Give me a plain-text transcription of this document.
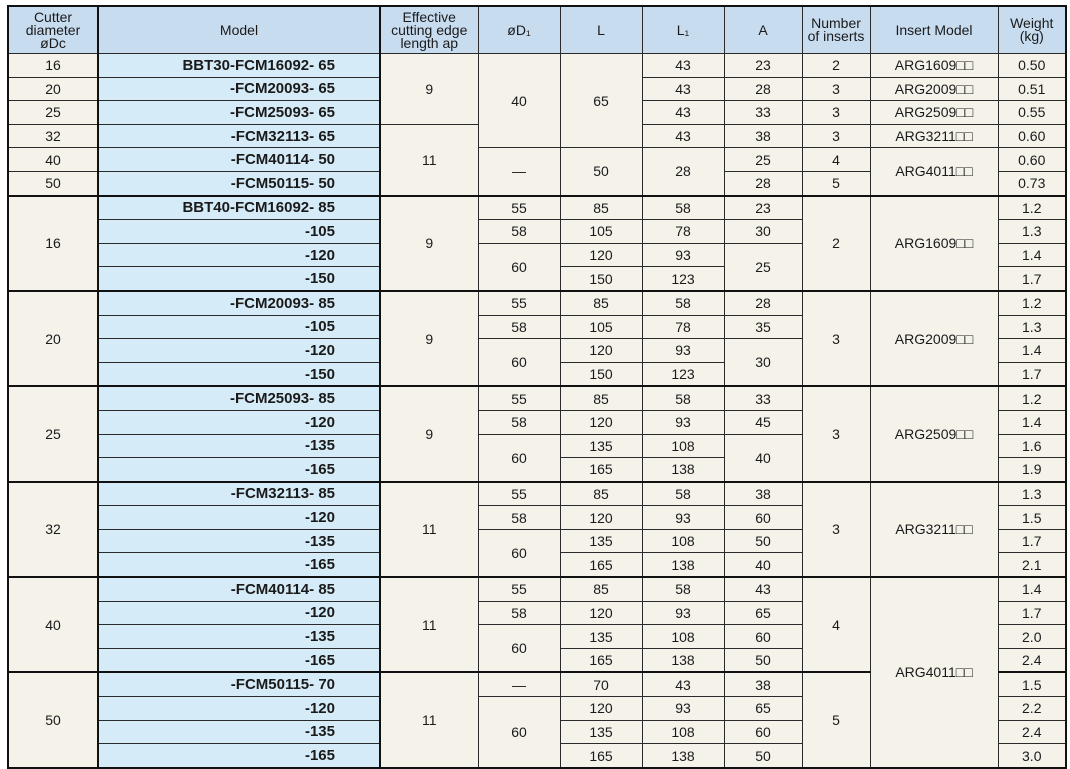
Cutter diameter øDc	Model	Effective cutting edge length ap	øD₁	L	L₁	A	Number of inserts	Insert Model	Weight (kg)
16	BBT30-FCM16092- 65	9	40	65	43	23	2	ARG1609□□	0.50
20	-FCM20093- 65				43	28	3	ARG2009□□	0.51
25	-FCM25093- 65				43	33	3	ARG2509□□	0.55
32	-FCM32113- 65	11			43	38	3	ARG3211□□	0.60
40	-FCM40114- 50		—	50	28	25	4	ARG4011□□	0.60
50	-FCM50115- 50					28	5		0.73
16	BBT40-FCM16092- 85	9	55	85	58	23	2	ARG1609□□	1.2
	-105		58	105	78	30			1.3
	-120		60	120	93	25			1.4
	-150			150	123				1.7
20	-FCM20093- 85	9	55	85	58	28	3	ARG2009□□	1.2
	-105		58	105	78	35			1.3
	-120		60	120	93	30			1.4
	-150			150	123				1.7
25	-FCM25093- 85	9	55	85	58	33	3	ARG2509□□	1.2
	-120		58	120	93	45			1.4
	-135		60	135	108	40			1.6
	-165			165	138				1.9
32	-FCM32113- 85	11	55	85	58	38	3	ARG3211□□	1.3
	-120		58	120	93	60			1.5
	-135		60	135	108	50			1.7
	-165			165	138	40			2.1
40	-FCM40114- 85	11	55	85	58	43	4	ARG4011□□	1.4
	-120		58	120	93	65			1.7
	-135		60	135	108	60			2.0
	-165			165	138	50			2.4
50	-FCM50115- 70	11	—	70	43	38	5		1.5
	-120		60	120	93	65			2.2
	-135			135	108	60			2.4
	-165			165	138	50			3.0
